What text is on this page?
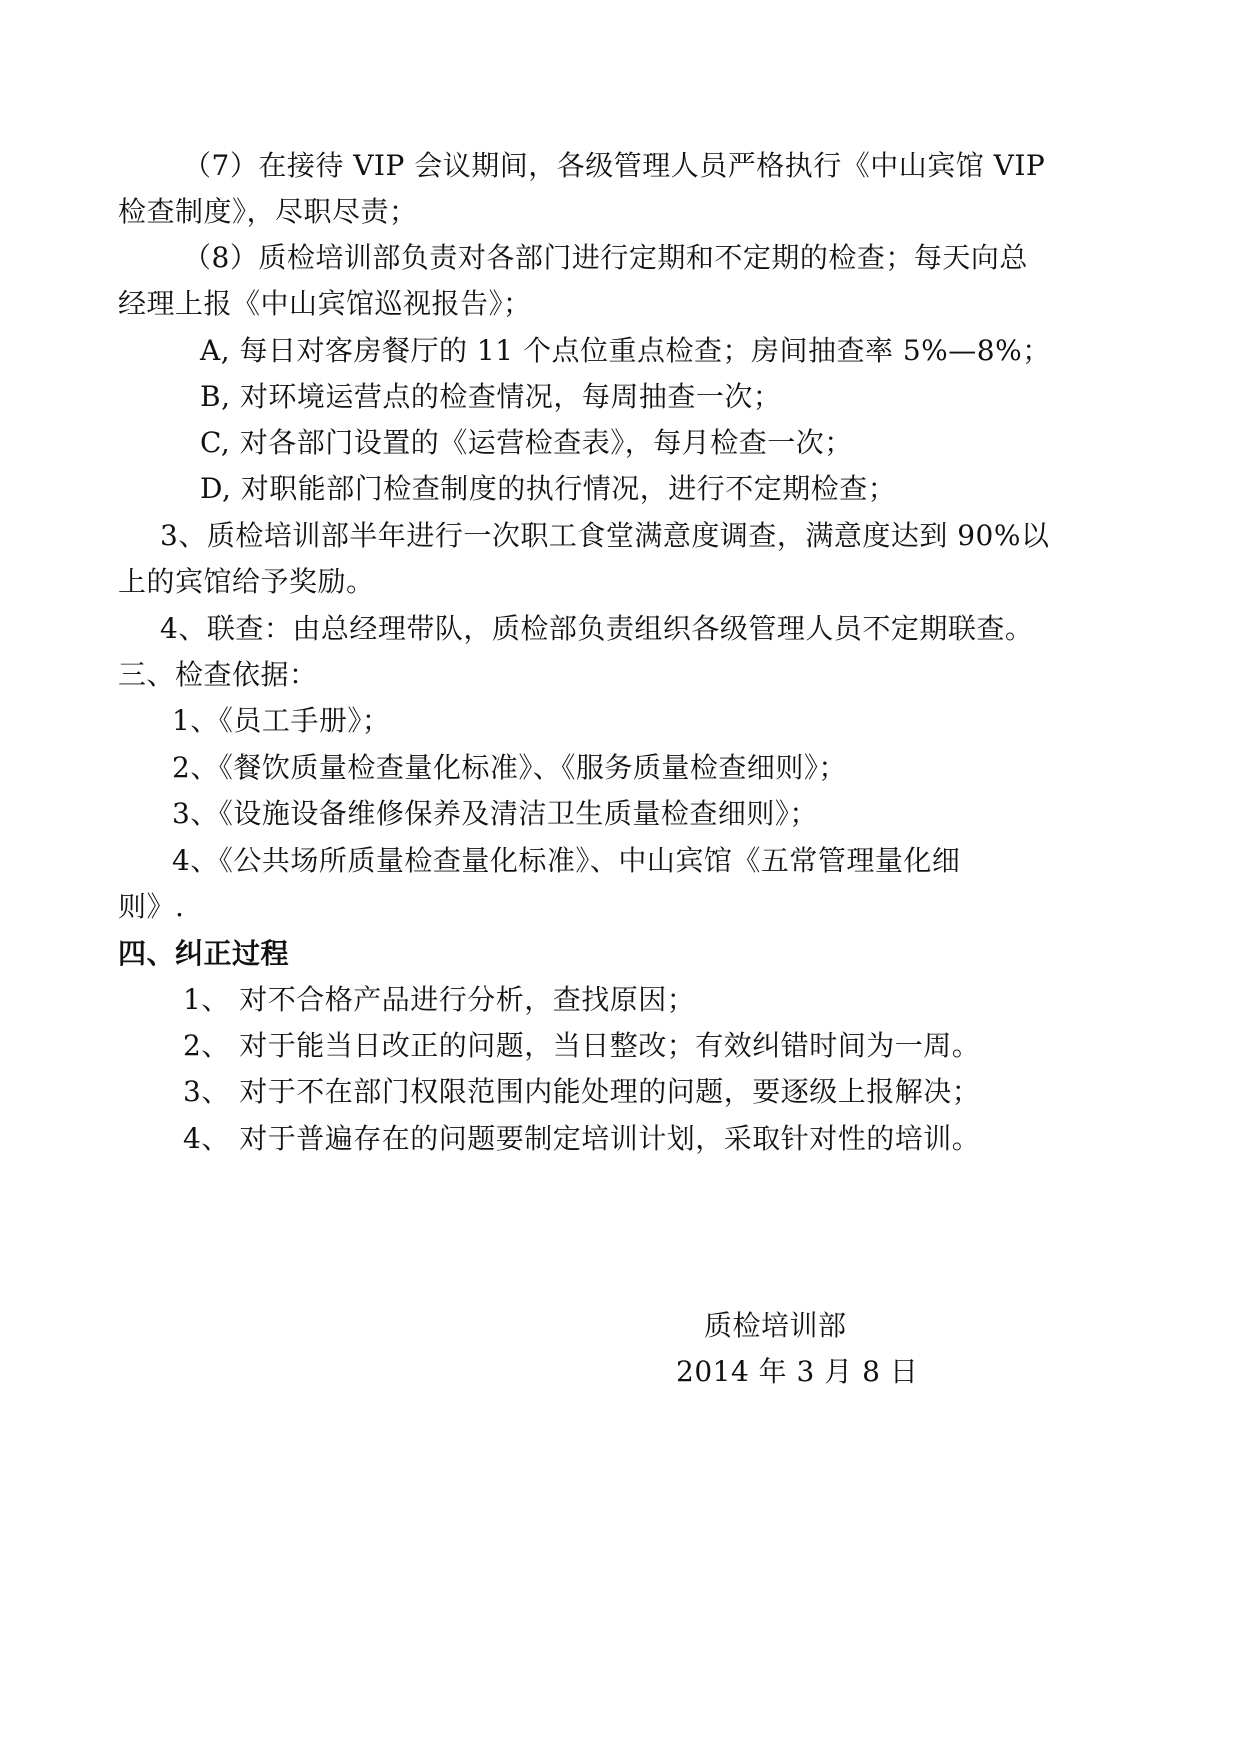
（7）在接待 VIP 会议期间，各级管理人员严格执行《中山宾馆 VIP
检查制度》，尽职尽责；
（8）质检培训部负责对各部门进行定期和不定期的检查；每天向总
经理上报《中山宾馆巡视报告》；
A, 每日对客房餐厅的 11 个点位重点检查；房间抽查率 5%—8%；
B, 对环境运营点的检查情况，每周抽查一次；
C, 对各部门设置的《运营检查表》，每月检查一次；
D, 对职能部门检查制度的执行情况，进行不定期检查；
3、质检培训部半年进行一次职工食堂满意度调查，满意度达到 90%以
上的宾馆给予奖励。
4、联查：由总经理带队，质检部负责组织各级管理人员不定期联查。
三、检查依据：
1、《员工手册》；
2、《餐饮质量检查量化标准》、《服务质量检查细则》；
3、《设施设备维修保养及清洁卫生质量检查细则》；
4、《公共场所质量检查量化标准》、中山宾馆《五常管理量化细
则》.
四、纠正过程
1、 对不合格产品进行分析，查找原因；
2、 对于能当日改正的问题，当日整改；有效纠错时间为一周。
3、 对于不在部门权限范围内能处理的问题，要逐级上报解决；
4、 对于普遍存在的问题要制定培训计划，采取针对性的培训。
质检培训部
2014 年 3 月 8 日
